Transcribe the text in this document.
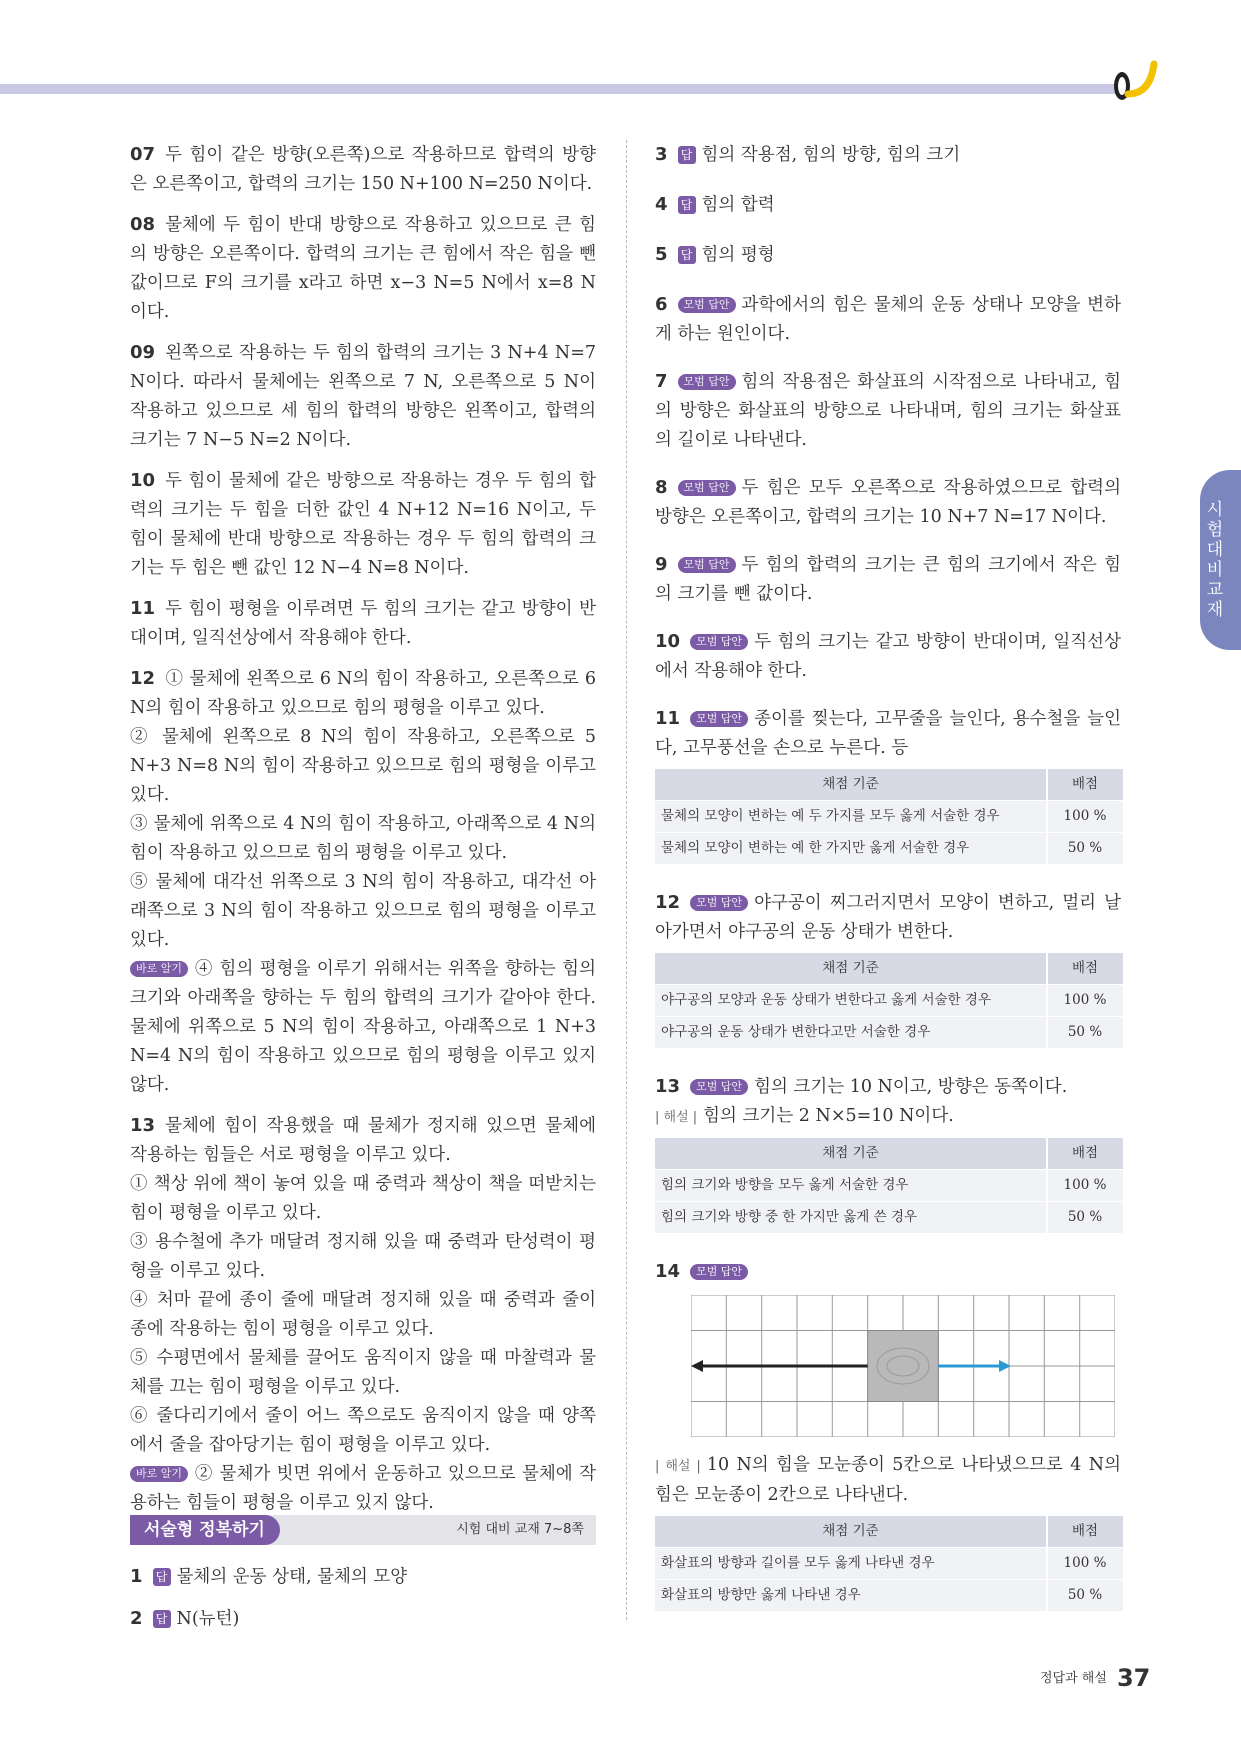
시
험
대
비
교
재

07 두 힘이 같은 방향(오른쪽)으로 작용하므로 합력의 방향은 오른쪽이고, 합력의 크기는 150 N+100 N=250 N이다.

08 물체에 두 힘이 반대 방향으로 작용하고 있으므로 큰 힘의 방향은 오른쪽이다. 합력의 크기는 큰 힘에서 작은 힘을 뺀 값이므로 F의 크기를 x라고 하면 x−3 N=5 N에서 x=8 N이다.

09 왼쪽으로 작용하는 두 힘의 합력의 크기는 3 N+4 N=7 N이다. 따라서 물체에는 왼쪽으로 7 N, 오른쪽으로 5 N이 작용하고 있으므로 세 힘의 합력의 방향은 왼쪽이고, 합력의 크기는 7 N−5 N=2 N이다.

10 두 힘이 물체에 같은 방향으로 작용하는 경우 두 힘의 합력의 크기는 두 힘을 더한 값인 4 N+12 N=16 N이고, 두 힘이 물체에 반대 방향으로 작용하는 경우 두 힘의 합력의 크기는 두 힘은 뺀 값인 12 N−4 N=8 N이다.

11 두 힘이 평형을 이루려면 두 힘의 크기는 같고 방향이 반대이며, 일직선상에서 작용해야 한다.

12 ① 물체에 왼쪽으로 6 N의 힘이 작용하고, 오른쪽으로 6 N의 힘이 작용하고 있으므로 힘의 평형을 이루고 있다.
② 물체에 왼쪽으로 8 N의 힘이 작용하고, 오른쪽으로 5 N+3 N=8 N의 힘이 작용하고 있으므로 힘의 평형을 이루고 있다.
③ 물체에 위쪽으로 4 N의 힘이 작용하고, 아래쪽으로 4 N의 힘이 작용하고 있으므로 힘의 평형을 이루고 있다.
⑤ 물체에 대각선 위쪽으로 3 N의 힘이 작용하고, 대각선 아래쪽으로 3 N의 힘이 작용하고 있으므로 힘의 평형을 이루고 있다.
바로 알기 ④ 힘의 평형을 이루기 위해서는 위쪽을 향하는 힘의 크기와 아래쪽을 향하는 두 힘의 합력의 크기가 같아야 한다. 물체에 위쪽으로 5 N의 힘이 작용하고, 아래쪽으로 1 N+3 N=4 N의 힘이 작용하고 있으므로 힘의 평형을 이루고 있지 않다.
13 물체에 힘이 작용했을 때 물체가 정지해 있으면 물체에 작용하는 힘들은 서로 평형을 이루고 있다.
① 책상 위에 책이 놓여 있을 때 중력과 책상이 책을 떠받치는 힘이 평형을 이루고 있다.
③ 용수철에 추가 매달려 정지해 있을 때 중력과 탄성력이 평형을 이루고 있다.
④ 처마 끝에 종이 줄에 매달려 정지해 있을 때 중력과 줄이 종에 작용하는 힘이 평형을 이루고 있다.
⑤ 수평면에서 물체를 끌어도 움직이지 않을 때 마찰력과 물체를 끄는 힘이 평형을 이루고 있다.
⑥ 줄다리기에서 줄이 어느 쪽으로도 움직이지 않을 때 양쪽에서 줄을 잡아당기는 힘이 평형을 이루고 있다.
바로 알기 ② 물체가 빗면 위에서 운동하고 있으므로 물체에 작용하는 힘들이 평형을 이루고 있지 않다.
서술형 정복하기	시험 대비 교재 7~8쪽
1 답 물체의 운동 상태, 물체의 모양
2 답 N(뉴턴)
3 답 힘의 작용점, 힘의 방향, 힘의 크기
4 답 힘의 합력
5 답 힘의 평형
6 모범 답안 과학에서의 힘은 물체의 운동 상태나 모양을 변하게 하는 원인이다.
7 모범 답안 힘의 작용점은 화살표의 시작점으로 나타내고, 힘의 방향은 화살표의 방향으로 나타내며, 힘의 크기는 화살표의 길이로 나타낸다.
8 모범 답안 두 힘은 모두 오른쪽으로 작용하였으므로 합력의 방향은 오른쪽이고, 합력의 크기는 10 N+7 N=17 N이다.
9 모범 답안 두 힘의 합력의 크기는 큰 힘의 크기에서 작은 힘의 크기를 뺀 값이다.
10 모범 답안 두 힘의 크기는 같고 방향이 반대이며, 일직선상에서 작용해야 한다.
11 모범 답안 종이를 찢는다, 고무줄을 늘인다, 용수철을 늘인다, 고무풍선을 손으로 누른다. 등
채점 기준	배점
물체의 모양이 변하는 예 두 가지를 모두 옳게 서술한 경우	100 %
물체의 모양이 변하는 예 한 가지만 옳게 서술한 경우	50 %
12 모범 답안 야구공이 찌그러지면서 모양이 변하고, 멀리 날아가면서 야구공의 운동 상태가 변한다.
채점 기준	배점
야구공의 모양과 운동 상태가 변한다고 옳게 서술한 경우	100 %
야구공의 운동 상태가 변한다고만 서술한 경우	50 %
13 모범 답안 힘의 크기는 10 N이고, 방향은 동쪽이다.
| 해설 | 힘의 크기는 2 N×5=10 N이다.
채점 기준	배점
힘의 크기와 방향을 모두 옳게 서술한 경우	100 %
힘의 크기와 방향 중 한 가지만 옳게 쓴 경우	50 %
14 모범 답안
| 해설 | 10 N의 힘을 모눈종이 5칸으로 나타냈으므로 4 N의 힘은 모눈종이 2칸으로 나타낸다.
채점 기준	배점
화살표의 방향과 길이를 모두 옳게 나타낸 경우	100 %
화살표의 방향만 옳게 나타낸 경우	50 %
$^{정답과 해설}$ 37
